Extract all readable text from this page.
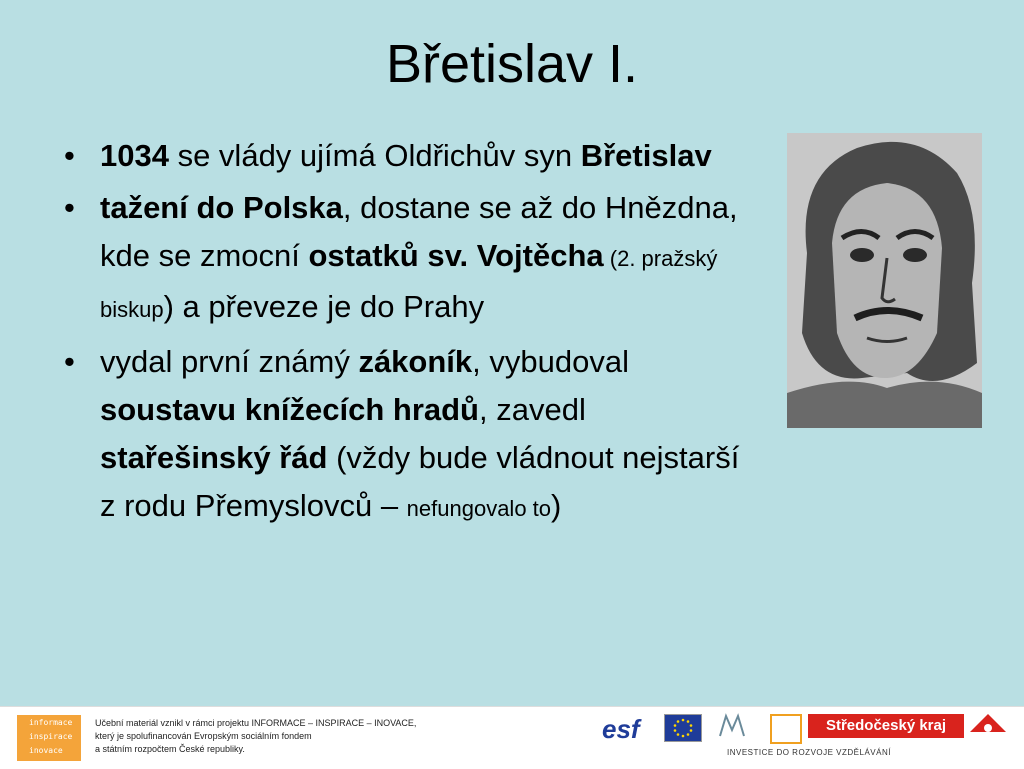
Břetislav I.
• 1034 se vlády ujímá Oldřichův syn Břetislav
• tažení do Polska, dostane se až do Hnězdna, kde se zmocní ostatků sv. Vojtěcha (2. pražský biskup) a převeze je do Prahy
• vydal první známý zákoník, vybudoval soustavu knížecích hradů, zavedl stařešinský řád (vždy bude vládnout nejstarší z rodu Přemyslovců – nefungovalo to)
informace
inspirace
inovace
Učební materiál vznikl v rámci projektu INFORMACE – INSPIRACE – INOVACE,
který je spolufinancován Evropským sociálním fondem
a státním rozpočtem České republiky.
esf	Středočeský kraj
INVESTICE DO ROZVOJE VZDĚLÁVÁNÍ
